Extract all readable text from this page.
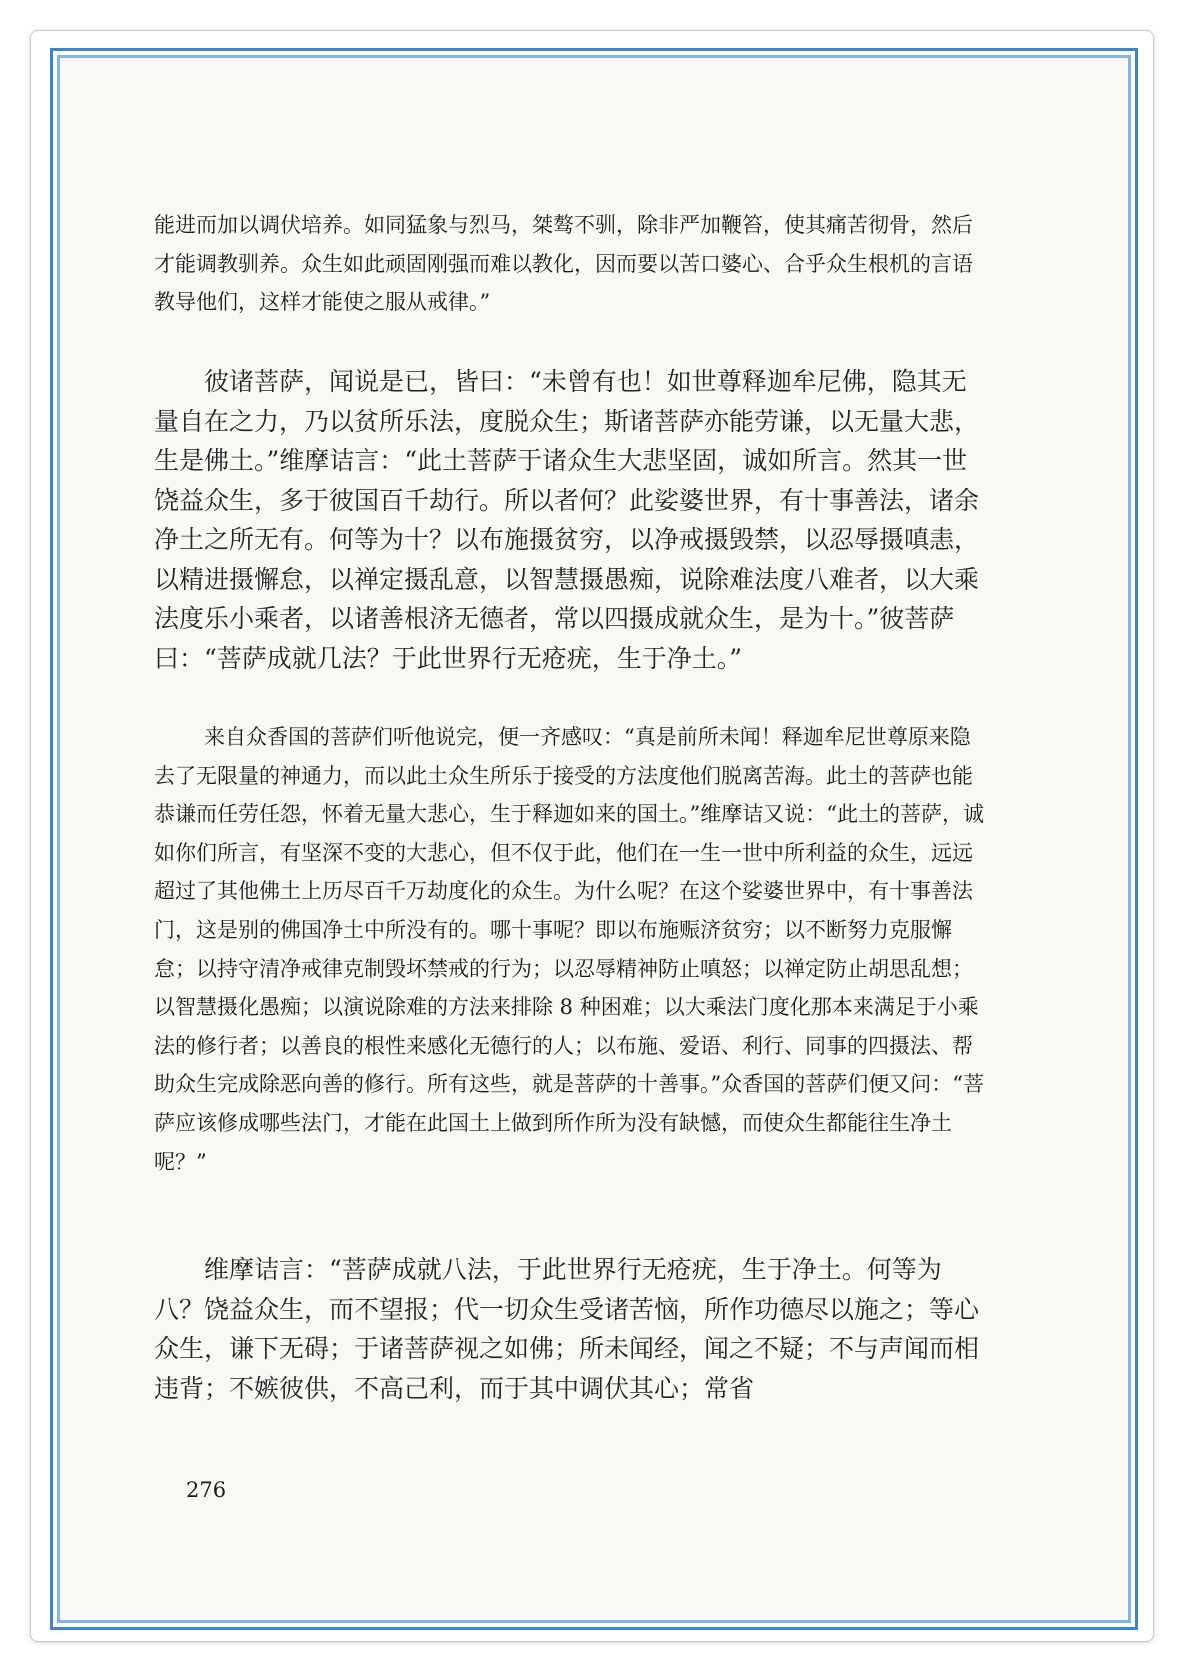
能进而加以调伏培养。如同猛象与烈马，桀骜不驯，除非严加鞭笞，使其痛苦彻骨，然后才能调教驯养。众生如此顽固刚强而难以教化，因而要以苦口婆心、合乎众生根机的言语教导他们，这样才能使之服从戒律。”

彼诸菩萨，闻说是已，皆曰：“未曾有也！如世尊释迦牟尼佛，隐其无量自在之力，乃以贫所乐法，度脱众生；斯诸菩萨亦能劳谦，以无量大悲，生是佛土。”维摩诘言：“此土菩萨于诸众生大悲坚固，诚如所言。然其一世饶益众生，多于彼国百千劫行。所以者何？此娑婆世界，有十事善法，诸余净土之所无有。何等为十？以布施摄贫穷，以净戒摄毁禁，以忍辱摄嗔恚，以精进摄懈怠，以禅定摄乱意，以智慧摄愚痴，说除难法度八难者，以大乘法度乐小乘者，以诸善根济无德者，常以四摄成就众生，是为十。”彼菩萨曰：“菩萨成就几法？于此世界行无疮疣，生于净土。”

来自众香国的菩萨们听他说完，便一齐感叹：“真是前所未闻！释迦牟尼世尊原来隐去了无限量的神通力，而以此土众生所乐于接受的方法度他们脱离苦海。此土的菩萨也能恭谦而任劳任怨，怀着无量大悲心，生于释迦如来的国土。”维摩诘又说：“此土的菩萨，诚如你们所言，有坚深不变的大悲心，但不仅于此，他们在一生一世中所利益的众生，远远超过了其他佛土上历尽百千万劫度化的众生。为什么呢？在这个娑婆世界中，有十事善法门，这是别的佛国净土中所没有的。哪十事呢？即以布施赈济贫穷；以不断努力克服懈怠；以持守清净戒律克制毁坏禁戒的行为；以忍辱精神防止嗔怒；以禅定防止胡思乱想；以智慧摄化愚痴；以演说除难的方法来排除 8 种困难；以大乘法门度化那本来满足于小乘法的修行者；以善良的根性来感化无德行的人；以布施、爱语、利行、同事的四摄法、帮助众生完成除恶向善的修行。所有这些，就是菩萨的十善事。”众香国的菩萨们便又问：“菩萨应该修成哪些法门，才能在此国土上做到所作所为没有缺憾，而使众生都能往生净土呢？”

维摩诘言：“菩萨成就八法，于此世界行无疮疣，生于净土。何等为八？饶益众生，而不望报；代一切众生受诸苦恼，所作功德尽以施之；等心众生，谦下无碍；于诸菩萨视之如佛；所未闻经，闻之不疑；不与声闻而相违背；不嫉彼供，不高己利，而于其中调伏其心；常省

276
